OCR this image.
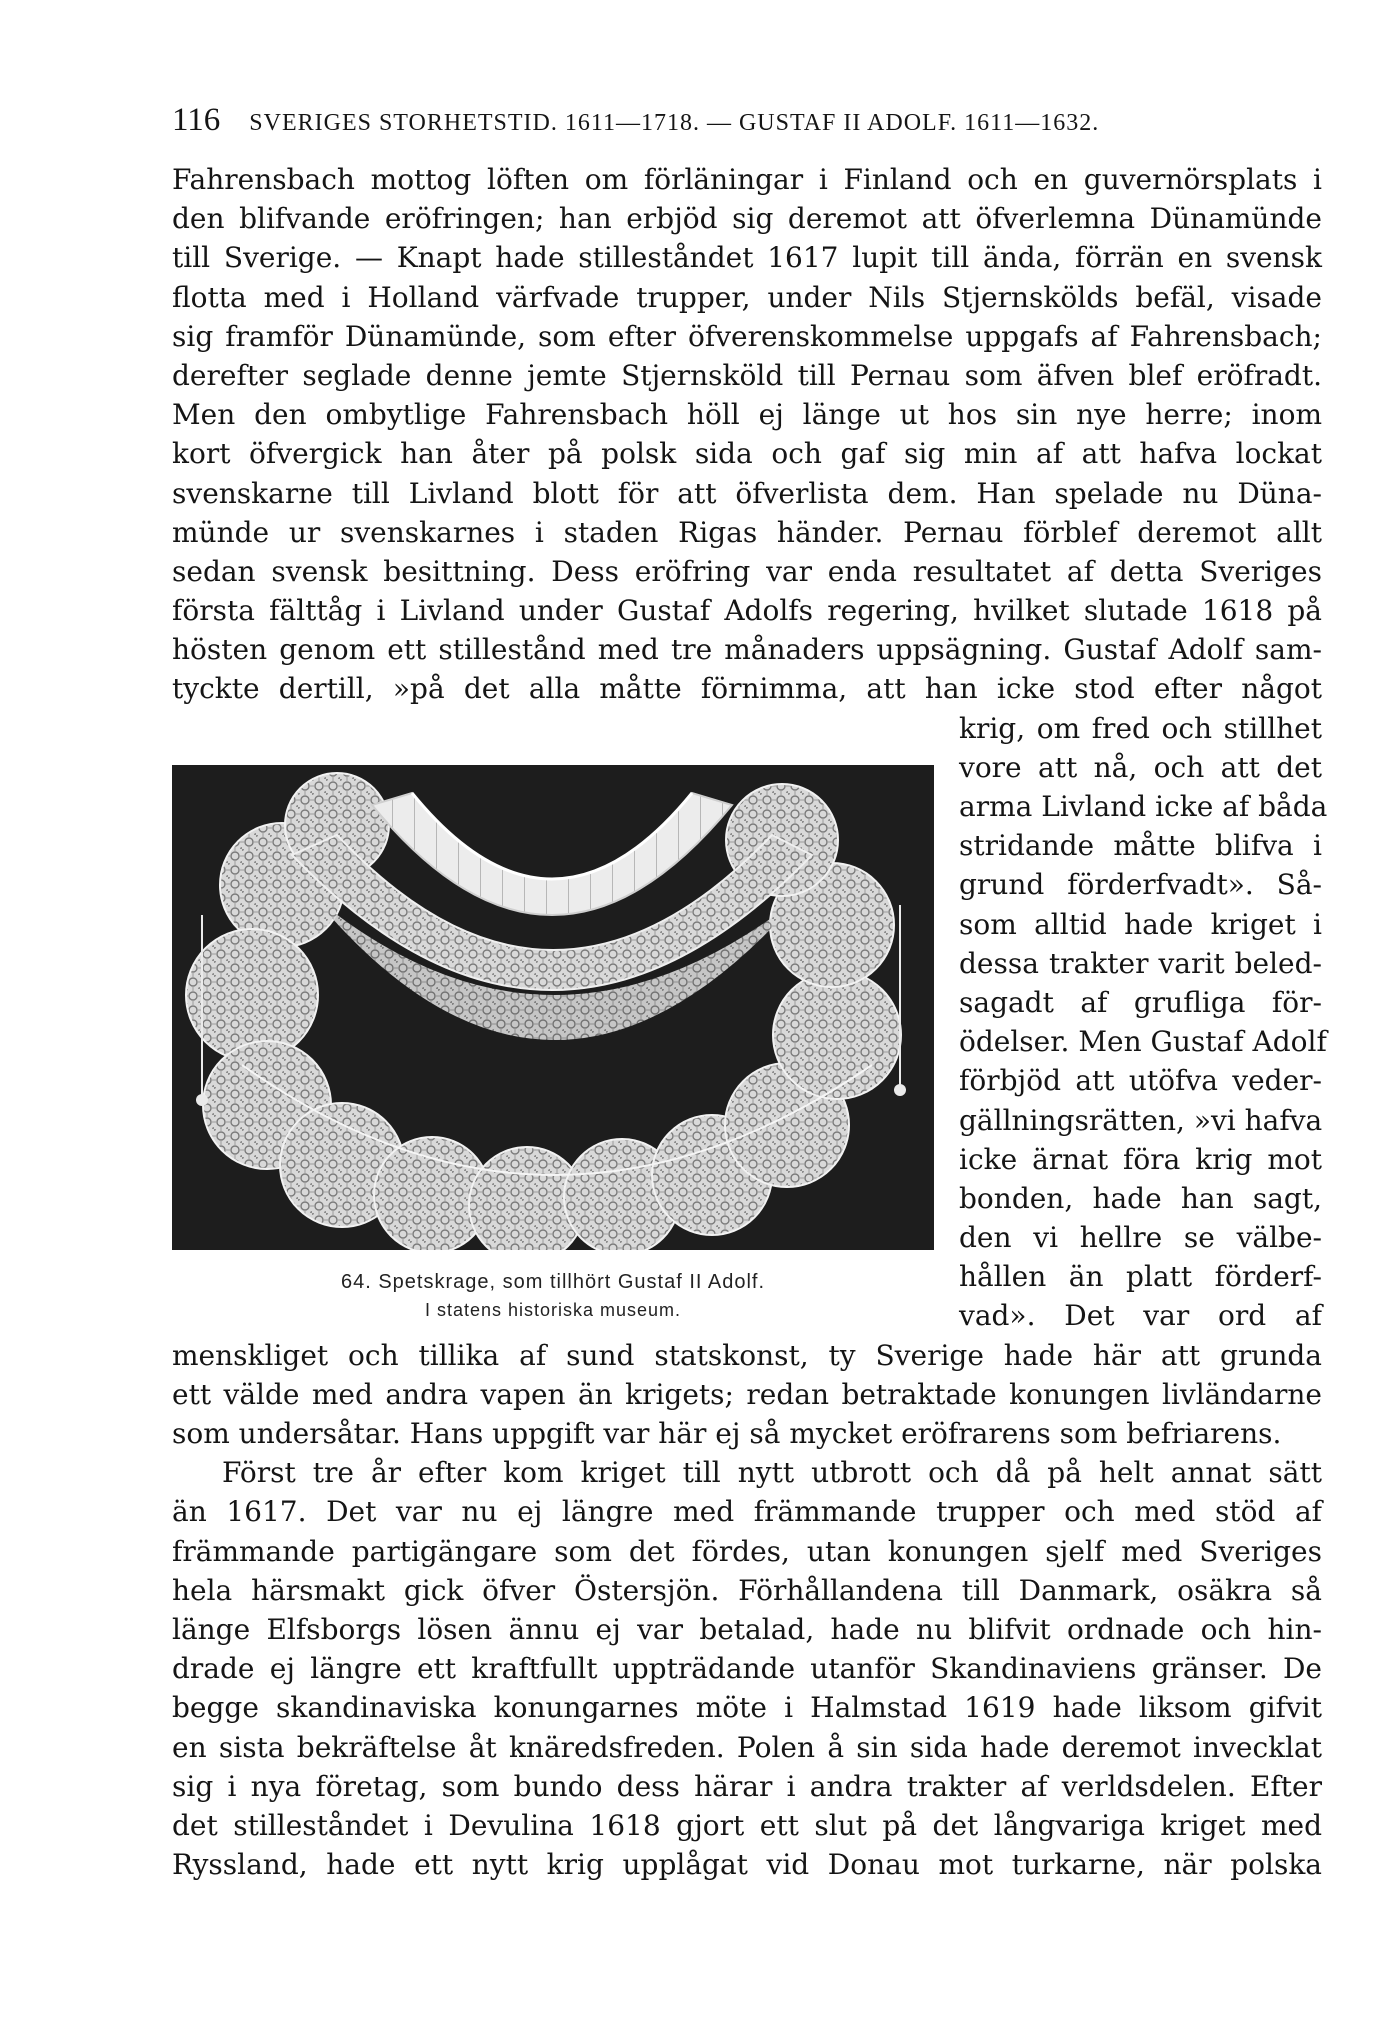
116 SVERIGES STORHETSTID. 1611—1718. — GUSTAF II ADOLF. 1611—1632.
Fahrensbach mottog löften om förläningar i Finland och en guvernörsplats i
den blifvande eröfringen; han erbjöd sig deremot att öfverlemna Dünamünde
till Sverige. — Knapt hade stilleståndet 1617 lupit till ända, förrän en svensk
flotta med i Holland värfvade trupper, under Nils Stjernskölds befäl, visade
sig framför Dünamünde, som efter öfverenskommelse uppgafs af Fahrensbach;
derefter seglade denne jemte Stjernsköld till Pernau som äfven blef eröfradt.
Men den ombytlige Fahrensbach höll ej länge ut hos sin nye herre; inom
kort öfvergick han åter på polsk sida och gaf sig min af att hafva lockat
svenskarne till Livland blott för att öfverlista dem. Han spelade nu Düna-
münde ur svenskarnes i staden Rigas händer. Pernau förblef deremot allt
sedan svensk besittning. Dess eröfring var enda resultatet af detta Sveriges
första fälttåg i Livland under Gustaf Adolfs regering, hvilket slutade 1618 på
hösten genom ett stillestånd med tre månaders uppsägning. Gustaf Adolf sam-
tyckte dertill, »på det alla måtte förnimma, att han icke stod efter något
krig, om fred och stillhet
vore att nå, och att det
arma Livland icke af båda
stridande måtte blifva i
grund förderfvadt». Så-
som alltid hade kriget i
dessa trakter varit beled-
sagadt af gruﬂiga för-
ödelser. Men Gustaf Adolf
förbjöd att utöfva veder-
gällningsrätten, »vi hafva
icke ärnat föra krig mot
bonden, hade han sagt,
den vi hellre se välbe-
hållen än platt förderf-
vad». Det var ord af
menskliget och tillika af sund statskonst, ty Sverige hade här att grunda
ett välde med andra vapen än krigets; redan betraktade konungen livländarne
som undersåtar. Hans uppgift var här ej så mycket eröfrarens som befriarens.
Först tre år efter kom kriget till nytt utbrott och då på helt annat sätt
än 1617. Det var nu ej längre med främmande trupper och med stöd af
främmande partigängare som det fördes, utan konungen sjelf med Sveriges
hela härsmakt gick öfver Östersjön. Förhållandena till Danmark, osäkra så
länge Elfsborgs lösen ännu ej var betalad, hade nu blifvit ordnade och hin-
drade ej längre ett kraftfullt uppträdande utanför Skandinaviens gränser. De
begge skandinaviska konungarnes möte i Halmstad 1619 hade liksom gifvit
en sista bekräftelse åt knäredsfreden. Polen å sin sida hade deremot invecklat
sig i nya företag, som bundo dess härar i andra trakter af verldsdelen. Efter
det stilleståndet i Devulina 1618 gjort ett slut på det långvariga kriget med
Ryssland, hade ett nytt krig upplågat vid Donau mot turkarne, när polska
64. Spetskrage, som tillhört Gustaf II Adolf.
I statens historiska museum.
